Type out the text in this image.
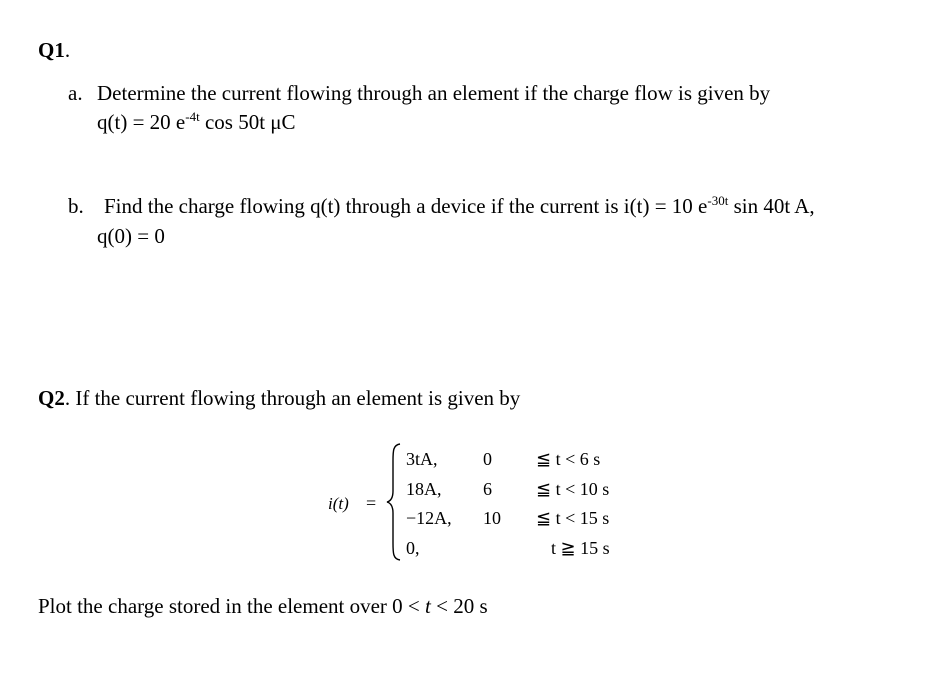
Q1.
a. Determine the current flowing through an element if the charge flow is given by
q(t) = 20 $e^{-4t}$ cos 50t μC
b. Find the charge flowing q(t) through a device if the current is i(t) = 10 $e^{-30t}$ sin 40t A,
q(0) = 0
Q2. If the current flowing through an element is given by
i(t) =
3tA,	0 ≦ t < 6 s
18A, 6 ≦ t < 10 s
−12A, 10 ≦ t < 15 s
0,	t ≧ 15 s
Plot the charge stored in the element over 0 < t < 20 s
